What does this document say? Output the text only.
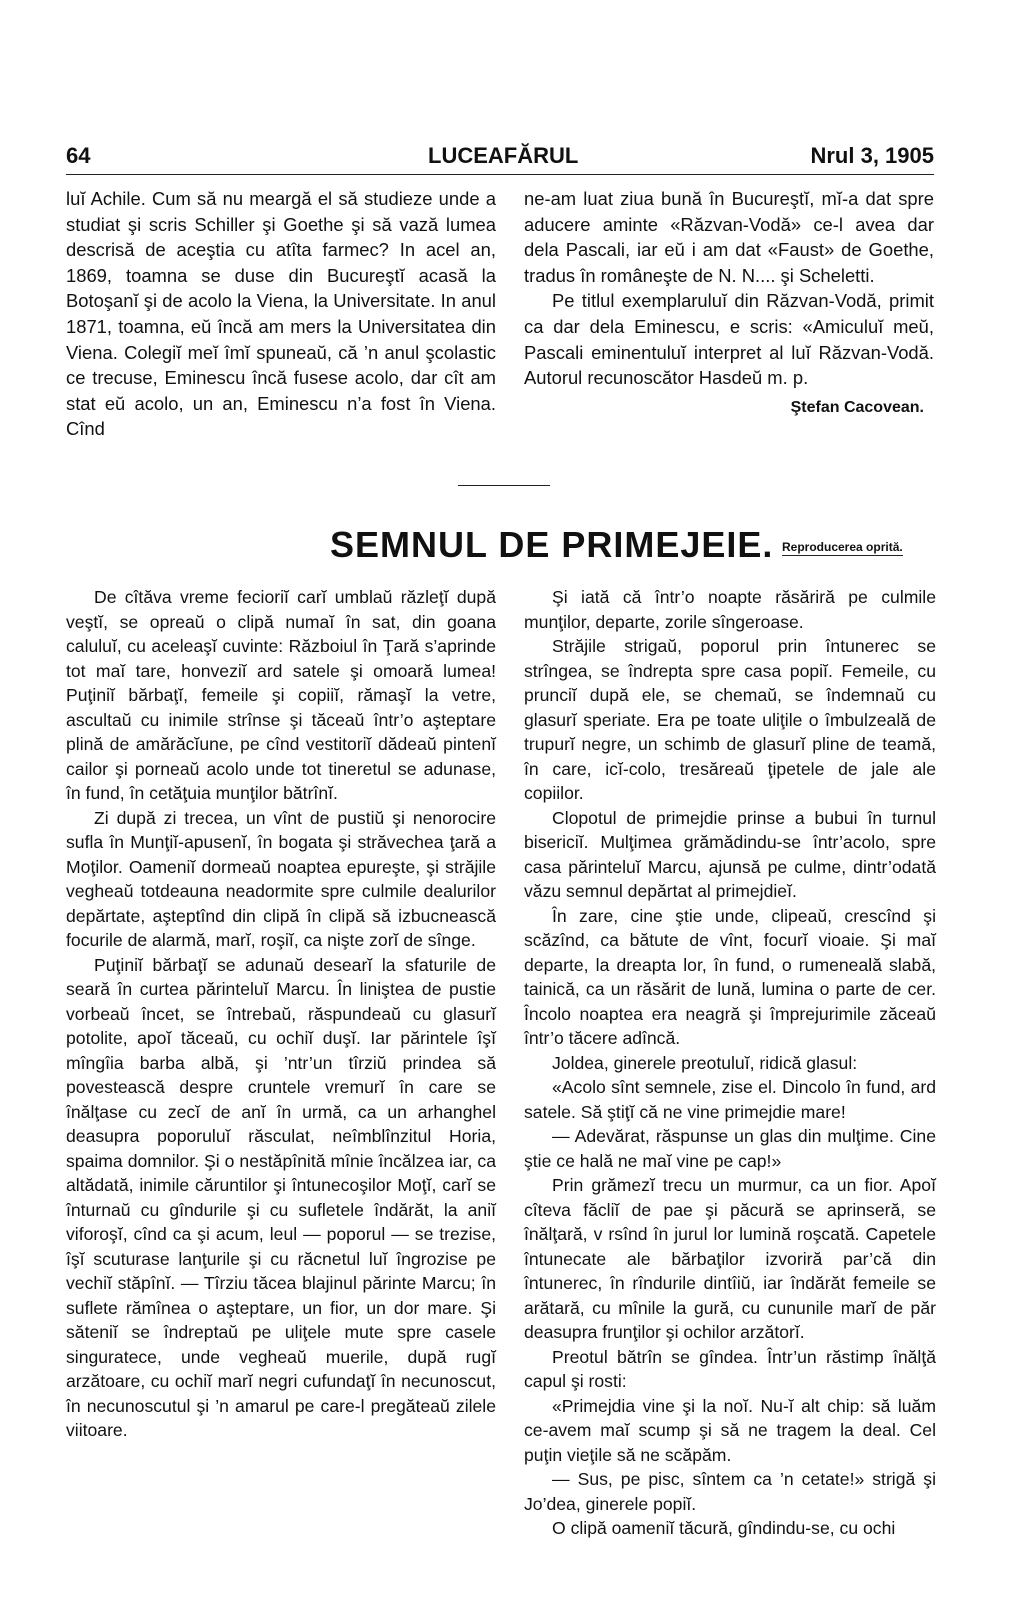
64	LUCEAFĂRUL	Nrul 3, 1905

luĭ Achile. Cum să nu meargă el să studieze unde a studiat şi scris Schiller şi Goethe şi să vază lumea descrisă de aceştia cu atîta farmec? In acel an, 1869, toamna se duse din Bucureştĭ acasă la Botoşanĭ şi de acolo la Viena, la Universitate. In anul 1871, toamna, eŭ încă am mers la Universitatea din Viena. Colegiĭ meĭ îmĭ spuneaŭ, că ’n anul şcolastic ce trecuse, Eminescu încă fusese acolo, dar cît am stat eŭ acolo, un an, Eminescu n’a fost în Viena. Cînd

ne-am luat ziua bună în Bucureştĭ, mĭ-a dat spre aducere aminte «Răzvan-Vodă» ce-l avea dar dela Pascali, iar eŭ i am dat «Faust» de Goethe, tradus în româneşte de N. N.... şi Scheletti.

Pe titlul exemplaruluĭ din Răzvan-Vodă, primit ca dar dela Eminescu, e scris: «Amiculuĭ meŭ, Pascali eminentuluĭ interpret al luĭ Răzvan-Vodă. Autorul recunoscător Hasdeŭ m. p.

Ştefan Cacovean.

SEMNUL DE PRIMEJEIE. Reproducerea oprită.

De cîtăva vreme fecioriĭ carĭ umblaŭ răzleţĭ după veştĭ, se opreaŭ o clipă numaĭ în sat, din goana caluluĭ, cu aceleaşĭ cuvinte: Războiul în Ţară s’aprinde tot maĭ tare, honveziĭ ard satele şi omoară lumea! Puţiniĭ bărbaţĭ, femeile şi copiiĭ, rămaşĭ la vetre, ascultaŭ cu inimile strînse şi tăceaŭ într’o aşteptare plină de amărăcĭune, pe cînd vestitoriĭ dădeaŭ pintenĭ cailor şi porneaŭ acolo unde tot tineretul se adunase, în fund, în cetăţuia munţilor bătrînĭ.

Zi după zi trecea, un vînt de pustiŭ şi nenorocire sufla în Munţiĭ-apusenĭ, în bogata şi străvechea ţară a Moţilor. Oameniĭ dormeaŭ noaptea epureşte, şi străjile vegheaŭ totdeauna neadormite spre culmile dealurilor depărtate, aşteptînd din clipă în clipă să izbucnească focurile de alarmă, marĭ, roşiĭ, ca nişte zorĭ de sînge.

Puţiniĭ bărbaţĭ se adunaŭ desearĭ la sfaturile de seară în curtea părinteluĭ Marcu. În liniştea de pustie vorbeaŭ încet, se întrebaŭ, răspundeaŭ cu glasurĭ potolite, apoĭ tăceaŭ, cu ochiĭ duşĭ. Iar părintele îşĭ mîngîia barba albă, şi ’ntr’un tîrziŭ prindea să povestească despre cruntele vremurĭ în care se înălţase cu zecĭ de anĭ în urmă, ca un arhanghel deasupra poporuluĭ răsculat, neîmblînzitul Horia, spaima domnilor. Şi o nestăpînită mînie încălzea iar, ca altădată, inimile căruntilor şi întunecoşilor Moţĭ, carĭ se înturnaŭ cu gîndurile şi cu sufletele îndărăt, la aniĭ viforoşĭ, cînd ca şi acum, leul — poporul — se trezise, îşĭ scuturase lanţurile şi cu răcnetul luĭ îngrozise pe vechiĭ stăpînĭ. — Tîrziu tăcea blajinul părinte Marcu; în suflete rămînea o aşteptare, un fior, un dor mare. Şi săteniĭ se îndreptaŭ pe uliţele mute spre casele singuratece, unde vegheaŭ muerile, după rugĭ arzătoare, cu ochiĭ marĭ negri cufundaţĭ în necunoscut, în necunoscutul şi ’n amarul pe care-l pregăteaŭ zilele viitoare.

Şi iată că într’o noapte răsăriră pe culmile munţilor, departe, zorile sîngeroase.

Străjile strigaŭ, poporul prin întunerec se strîngea, se îndrepta spre casa popiĭ. Femeile, cu prunciĭ după ele, se chemaŭ, se îndemnaŭ cu glasurĭ speriate. Era pe toate uliţile o îmbulzeală de trupurĭ negre, un schimb de glasurĭ pline de teamă, în care, icĭ-colo, tresăreaŭ ţipetele de jale ale copiilor.

Clopotul de primejdie prinse a bubui în turnul bisericiĭ. Mulţimea grămădindu-se într’acolo, spre casa părinteluĭ Marcu, ajunsă pe culme, dintr’odată văzu semnul depărtat al primejdieĭ.

În zare, cine ştie unde, clipeaŭ, crescînd şi scăzînd, ca bătute de vînt, focurĭ vioaie. Şi maĭ departe, la dreapta lor, în fund, o rumeneală slabă, tainică, ca un răsărit de lună, lumina o parte de cer. Încolo noaptea era neagră şi împrejurimile zăceaŭ într’o tăcere adîncă.

Joldea, ginerele preotuluĭ, ridică glasul:

«Acolo sînt semnele, zise el. Dincolo în fund, ard satele. Să ştiţĭ că ne vine primejdie mare!

— Adevărat, răspunse un glas din mulţime. Cine ştie ce hală ne maĭ vine pe cap!»

Prin grămezĭ trecu un murmur, ca un fior. Apoĭ cîteva făcliĭ de pae şi păcură se aprinseră, se înălţară, v rsînd în jurul lor lumină roşcată. Capetele întunecate ale bărbaţilor izvoriră par’că din întunerec, în rîndurile dintîiŭ, iar îndărăt femeile se arătară, cu mînile la gură, cu cununile marĭ de păr deasupra frunţilor şi ochilor arzătorĭ.

Preotul bătrîn se gîndea. Într’un răstimp înălţă capul şi rosti:

«Primejdia vine şi la noĭ. Nu-ĭ alt chip: să luăm ce-avem maĭ scump şi să ne tragem la deal. Cel puţin vieţile să ne scăpăm.

— Sus, pe pisc, sîntem ca ’n cetate!» strigă şi Jo’dea, ginerele popiĭ.

O clipă oameniĭ tăcură, gîndindu-se, cu ochi
